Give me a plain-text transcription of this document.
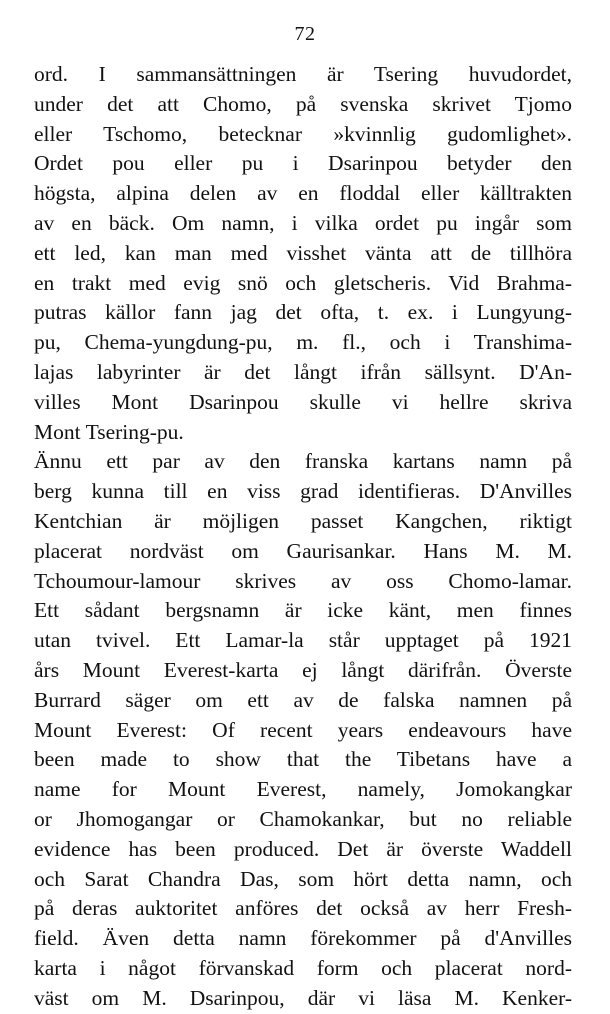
72
ord. I sammansättningen är Tsering huvudordet,
under det att Chomo, på svenska skrivet Tjomo
eller Tschomo, betecknar »kvinnlig gudomlighet».
Ordet pou eller pu i Dsarinpou betyder den
högsta, alpina delen av en floddal eller källtrakten
av en bäck. Om namn, i vilka ordet pu ingår som
ett led, kan man med visshet vänta att de tillhöra
en trakt med evig snö och gletscheris. Vid Brahma-
putras källor fann jag det ofta, t. ex. i Lungyung-
pu, Chema-yungdung-pu, m. fl., och i Transhima-
lajas labyrinter är det långt ifrån sällsynt. D'An-
villes Mont Dsarinpou skulle vi hellre skriva
Mont Tsering-pu.
Ännu ett par av den franska kartans namn på
berg kunna till en viss grad identifieras. D'Anvilles
Kentchian är möjligen passet Kangchen, riktigt
placerat nordväst om Gaurisankar. Hans M. M.
Tchoumour-lamour skrives av oss Chomo-lamar.
Ett sådant bergsnamn är icke känt, men finnes
utan tvivel. Ett Lamar-la står upptaget på 1921
års Mount Everest-karta ej långt därifrån. Överste
Burrard säger om ett av de falska namnen på
Mount Everest: Of recent years endeavours have
been made to show that the Tibetans have a
name for Mount Everest, namely, Jomokangkar
or Jhomogangar or Chamokankar, but no reliable
evidence has been produced. Det är överste Waddell
och Sarat Chandra Das, som hört detta namn, och
på deras auktoritet anföres det också av herr Fresh-
field. Även detta namn förekommer på d'Anvilles
karta i något förvanskad form och placerat nord-
väst om M. Dsarinpou, där vi läsa M. Kenker-
